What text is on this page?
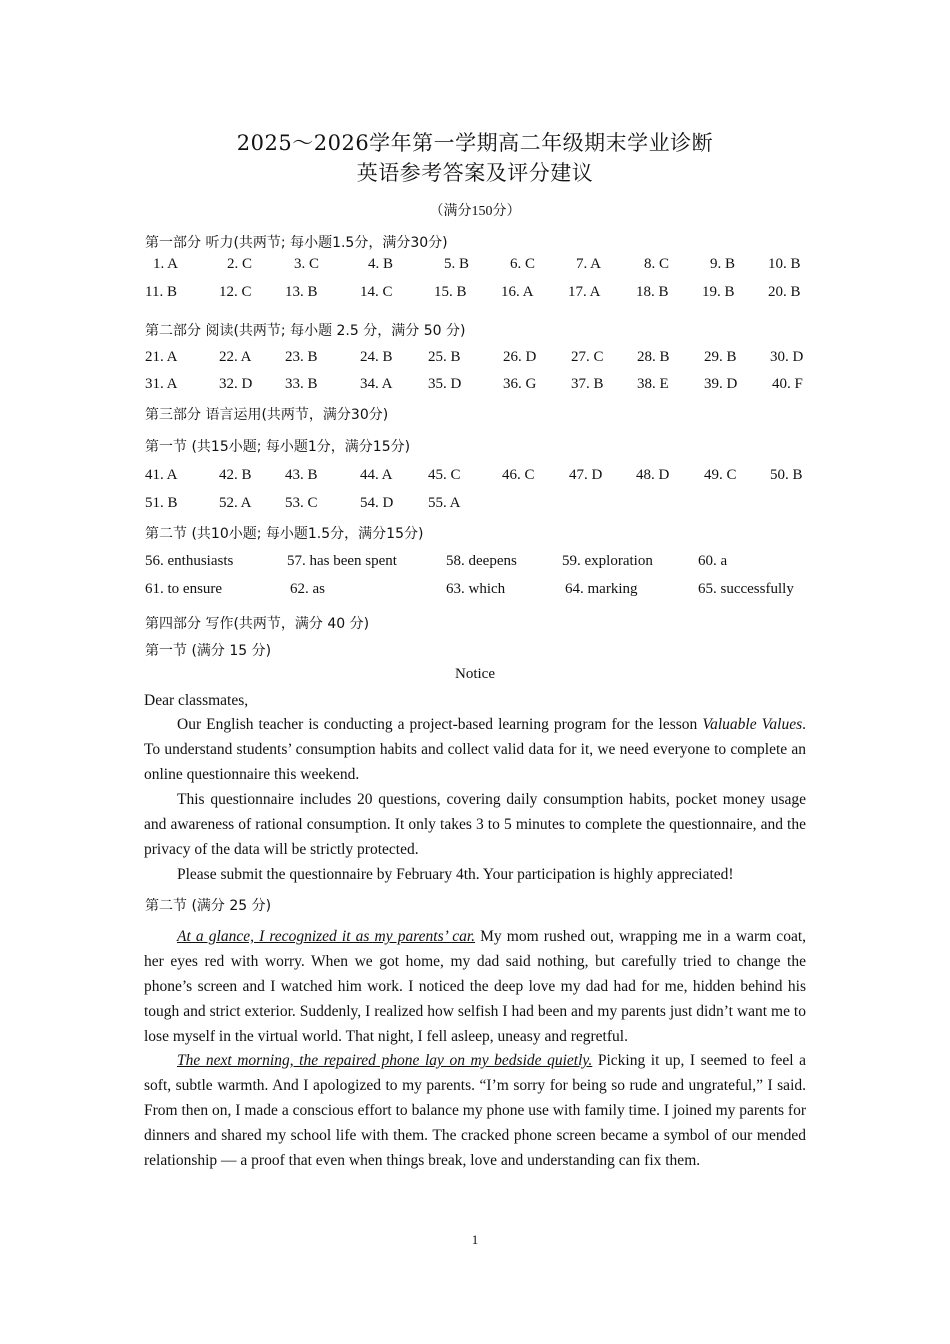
2025～2026学年第一学期高二年级期末学业诊断
英语参考答案及评分建议
（满分150分）
第一部分 听力(共两节; 每小题1.5分，满分30分)
1. A	2. C	3. C	4. B	5. B	6. C	7. A	8. C	9. B 10. B
11. B	12. C 13. B	14. C	15. B 16. A 17. A 18. B 19. B 20. B
第二部分 阅读(共两节; 每小题 2.5 分，满分 50 分)
21. A	22. A 23. B	24. B 25. B	26. D 27. C 28. B 29. B 30. D
31. A	32. D 33. B	34. A 35. D	36. G 37. B 38. E 39. D 40. F
第三部分 语言运用(共两节，满分30分)
第一节 (共15小题; 每小题1分，满分15分)
41. A	42. B 43. B	44. A 45. C	46. C 47. D 48. D 49. C 50. B
51. B	52. A 53. C	54. D 55. A
第二节 (共10小题; 每小题1.5分，满分15分)
56. enthusiasts	57. has been spent	58. deepens	59. exploration	60. a
61. to ensure	62. as	63. which	64. marking	65. successfully
第四部分 写作(共两节，满分 40 分)
第一节 (满分 15 分)
Notice
Dear classmates,
Our English teacher is conducting a project-based learning program for the lesson Valuable Values. To understand students’ consumption habits and collect valid data for it, we need everyone to complete an online questionnaire this weekend.
This questionnaire includes 20 questions, covering daily consumption habits, pocket money usage and awareness of rational consumption. It only takes 3 to 5 minutes to complete the questionnaire, and the privacy of the data will be strictly protected.
Please submit the questionnaire by February 4th. Your participation is highly appreciated!
第二节 (满分 25 分)
At a glance, I recognized it as my parents’ car. My mom rushed out, wrapping me in a warm coat, her eyes red with worry. When we got home, my dad said nothing, but carefully tried to change the phone’s screen and I watched him work. I noticed the deep love my dad had for me, hidden behind his tough and strict exterior. Suddenly, I realized how selfish I had been and my parents just didn’t want me to lose myself in the virtual world. That night, I fell asleep, uneasy and regretful.
The next morning, the repaired phone lay on my bedside quietly. Picking it up, I seemed to feel a soft, subtle warmth. And I apologized to my parents. “I’m sorry for being so rude and ungrateful,” I said. From then on, I made a conscious effort to balance my phone use with family time. I joined my parents for dinners and shared my school life with them. The cracked phone screen became a symbol of our mended relationship — a proof that even when things break, love and understanding can fix them.
1
